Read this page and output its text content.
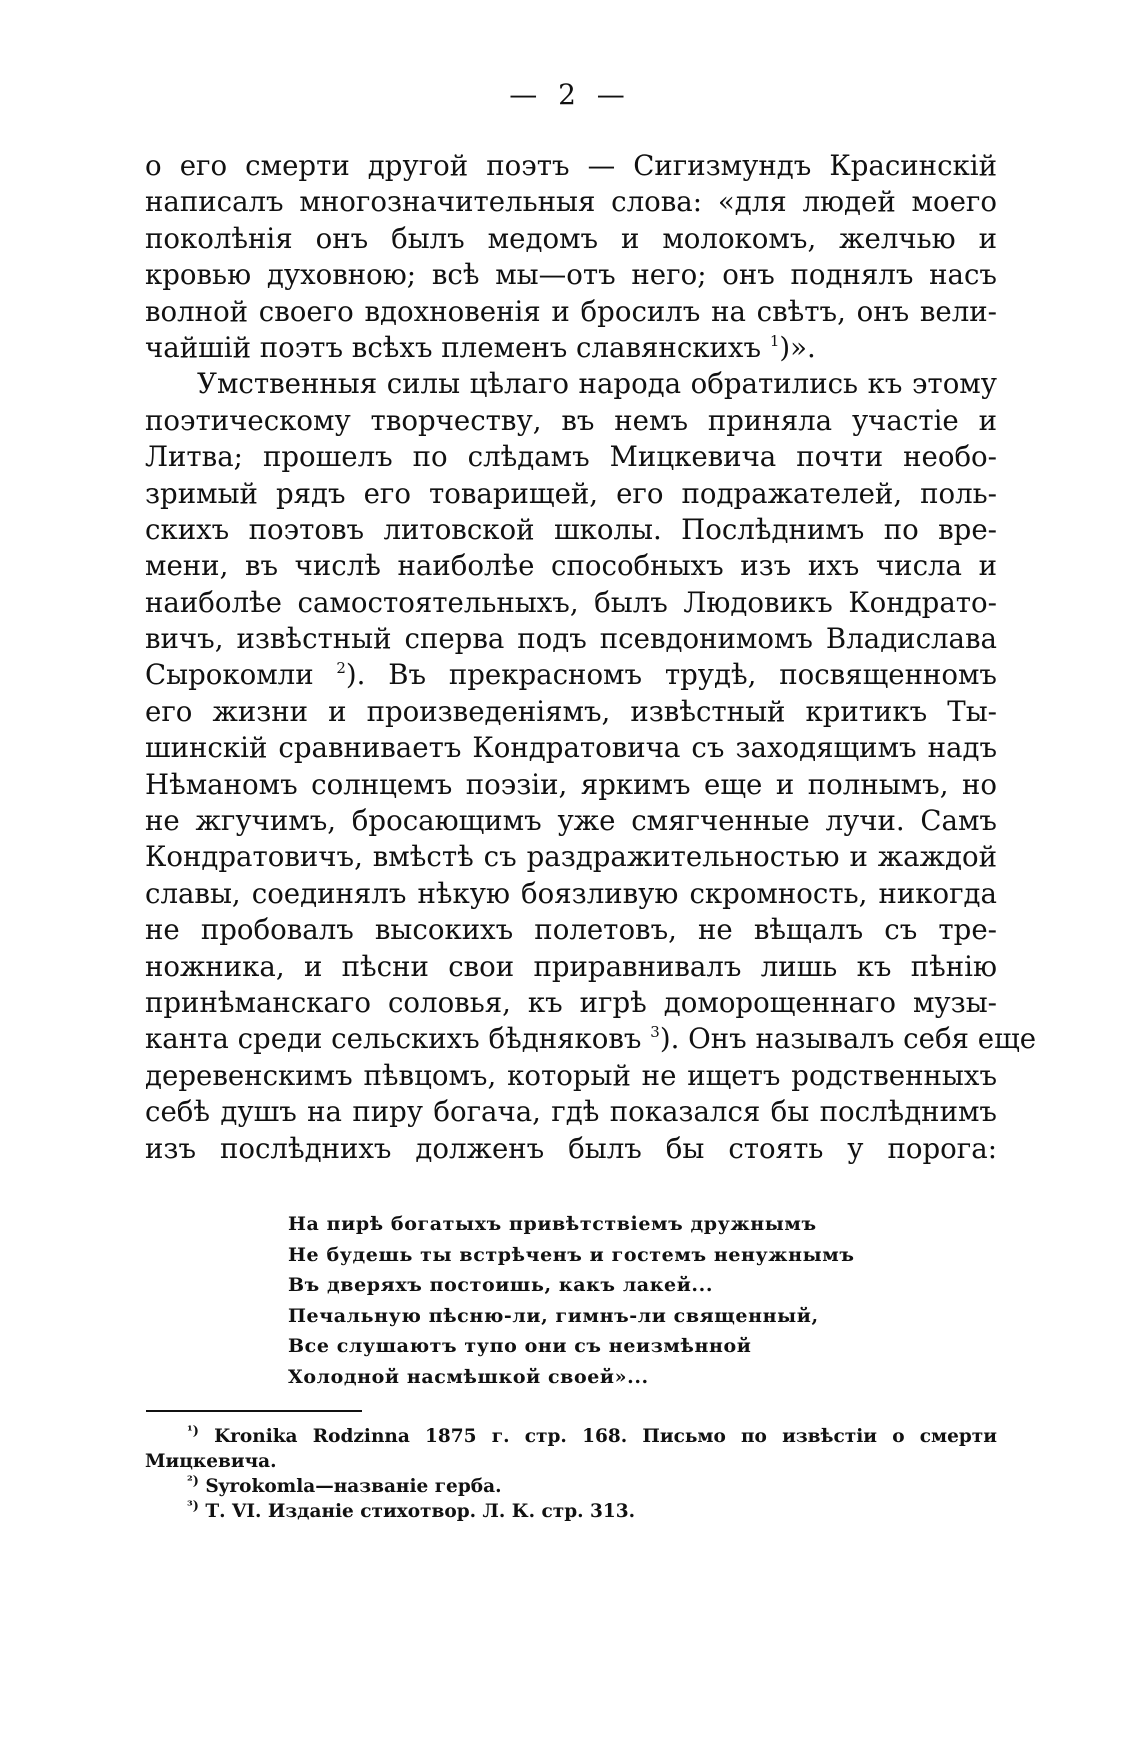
— 2 —
о его смерти другой поэтъ — Сигизмундъ Красинскій
написалъ многозначительныя слова: «для людей моего
поколѣнія онъ былъ медомъ и молокомъ, желчью и
кровью духовною; всѣ мы—отъ него; онъ поднялъ насъ
волной своего вдохновенія и бросилъ на свѣтъ, онъ вели-
чайшій поэтъ всѣхъ племенъ славянскихъ $^1$)».
Умственныя силы цѣлаго народа обратились къ этому
поэтическому творчеству, въ немъ приняла участіе и
Литва; прошелъ по слѣдамъ Мицкевича почти необо-
зримый рядъ его товарищей, его подражателей, поль-
скихъ поэтовъ литовской школы. Послѣднимъ по вре-
мени, въ числѣ наиболѣе способныхъ изъ ихъ числа и
наиболѣе самостоятельныхъ, былъ Людовикъ Кондрато-
вичъ, извѣстный сперва подъ псевдонимомъ Владислава
Сырокомли $^2$). Въ прекрасномъ трудѣ, посвященномъ
его жизни и произведеніямъ, извѣстный критикъ Ты-
шинскій сравниваетъ Кондратовича съ заходящимъ надъ
Нѣманомъ солнцемъ поэзіи, яркимъ еще и полнымъ, но
не жгучимъ, бросающимъ уже смягченные лучи. Самъ
Кондратовичъ, вмѣстѣ съ раздражительностью и жаждой
славы, соединялъ нѣкую боязливую скромность, никогда
не пробовалъ высокихъ полетовъ, не вѣщалъ съ тре-
ножника, и пѣсни свои приравнивалъ лишь къ пѣнію
принѣманскаго соловья, къ игрѣ доморощеннаго музы-
канта среди сельскихъ бѣдняковъ $^3$). Онъ называлъ себя еще
деревенскимъ пѣвцомъ, который не ищетъ родственныхъ
себѣ душъ на пиру богача, гдѣ показался бы послѣднимъ
изъ послѣднихъ долженъ былъ бы стоять у порога:
На пирѣ богатыхъ привѣтствіемъ дружнымъ
Не будешь ты встрѣченъ и гостемъ ненужнымъ
Въ дверяхъ постоишь, какъ лакей...
Печальную пѣсню-ли, гимнъ-ли священный,
Все слушаютъ тупо они съ неизмѣнной
Холодной насмѣшкой своей»...
$^{^1)}$ Kronika Rodzinna 1875 г. стр. 168. Письмо по извѣстіи о смерти
Мицкевича.
$^{^2)}$ Syrokomla—названіе герба.
$^{^3)}$ Т. VI. Изданіе стихотвор. Л. К. стр. 313.
